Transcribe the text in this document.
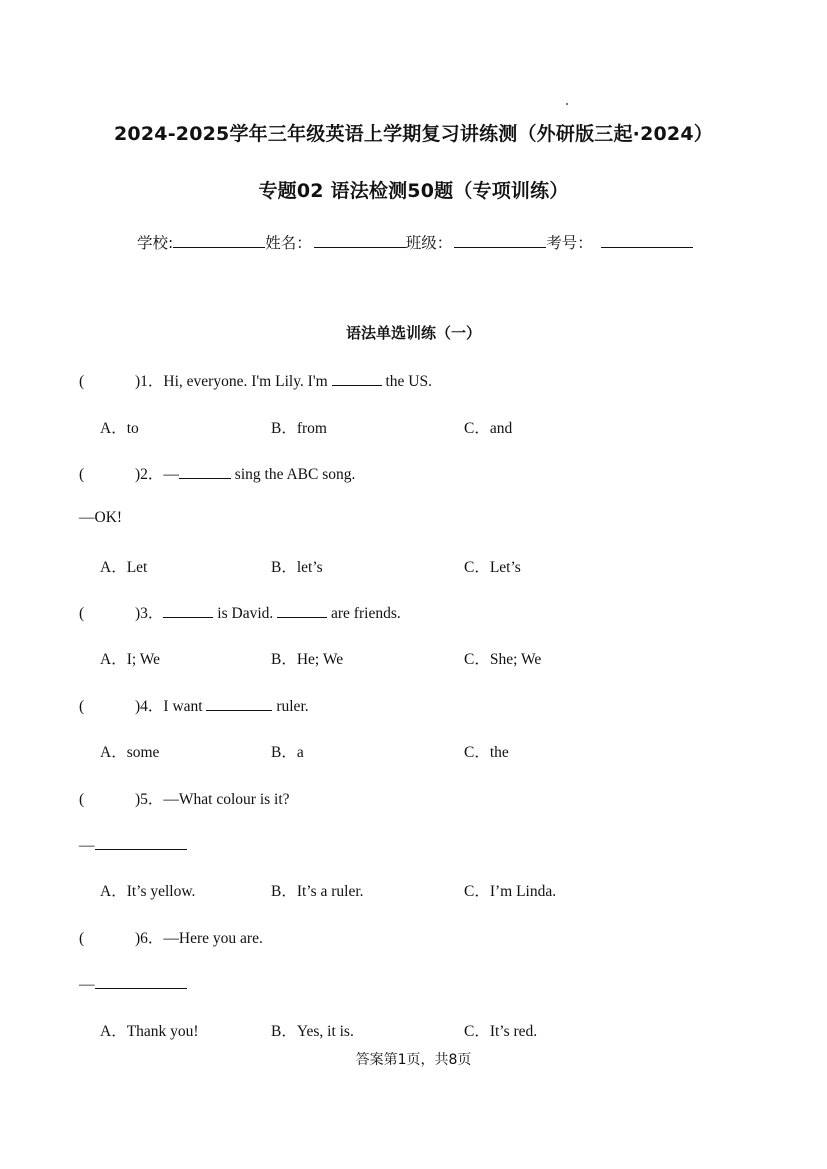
2024-2025学年三年级英语上学期复习讲练测（外研版三起·2024）
专题02 语法检测50题（专项训练）
学校:	姓名：	班级：	考号：
语法单选训练（一）
(	)1．Hi, everyone. I'm Lily. I'm	the US.
A．to	B．from	C．and
(	)2．—	sing the ABC song.
—OK!
A．Let	B．let’s	C．Let’s
(	)3．	is David.	are friends.
A．I; We	B．He; We	C．She; We
(	)4．I want	ruler.
A．some	B．a	C．the
(	)5．—What colour is it?
—
A．It’s yellow.	B．It’s a ruler.	C．I’m Linda.
(	)6．—Here you are.
—
A．Thank you!	B．Yes, it is.	C．It’s red.
答案第1页，共8页
